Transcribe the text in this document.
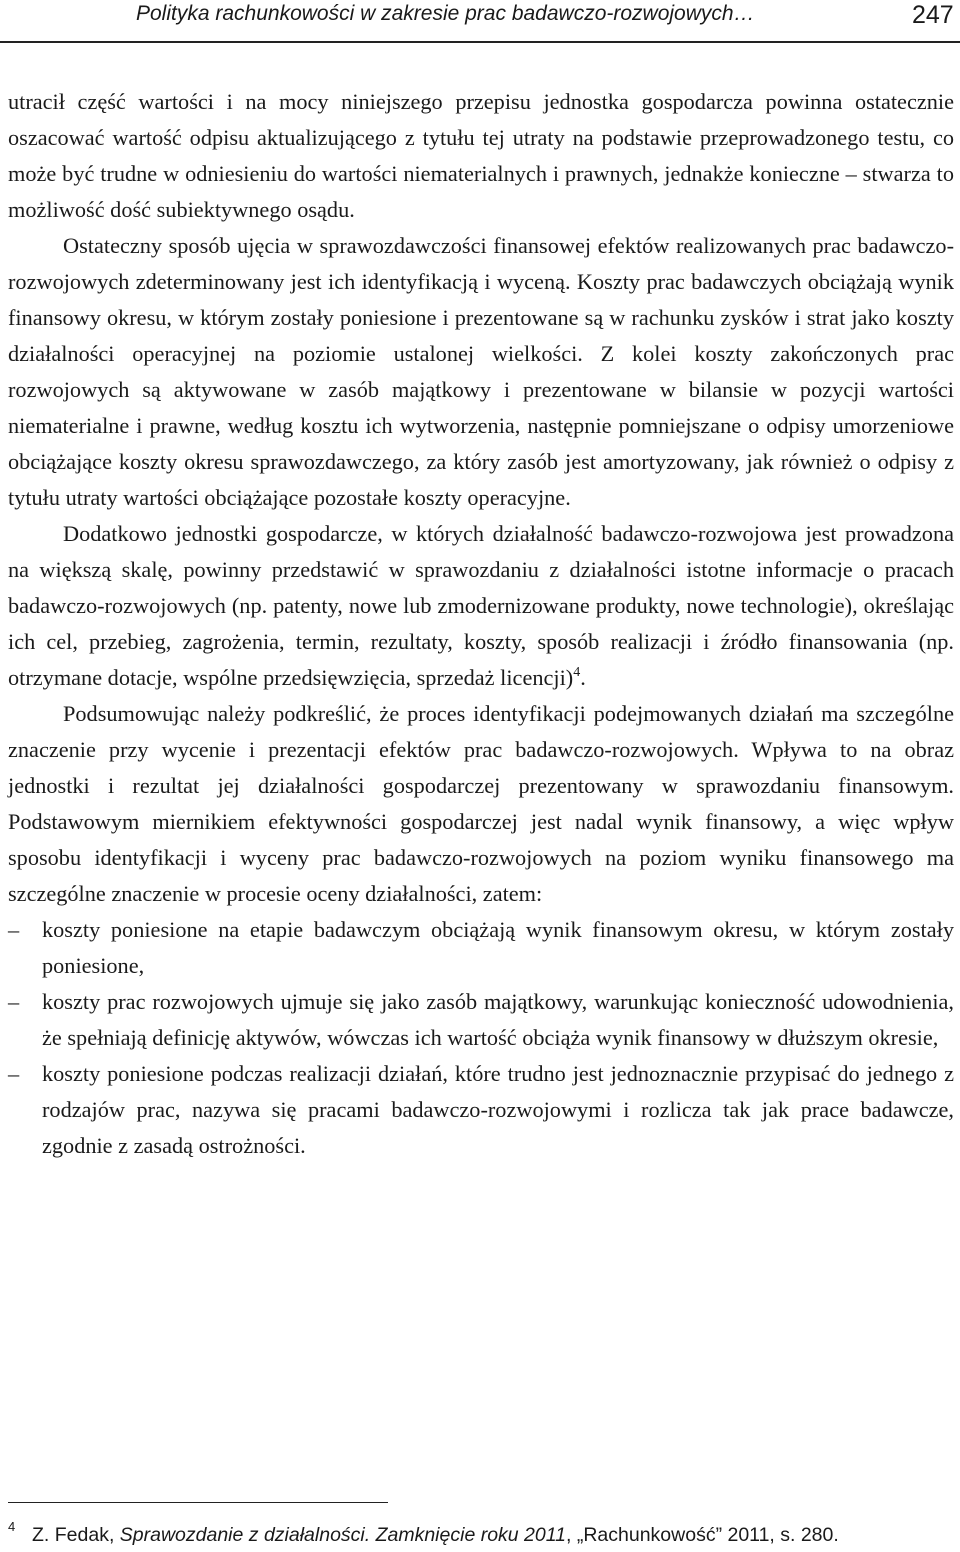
Polityka rachunkowości w zakresie prac badawczo-rozwojowych…	247

utracił część wartości i na mocy niniejszego przepisu jednostka gospodarcza powinna ostatecznie oszacować wartość odpisu aktualizującego z tytułu tej utraty na podstawie przeprowadzonego testu, co może być trudne w odniesieniu do wartości niematerialnych i prawnych, jednakże konieczne – stwarza to możliwość dość subiektywnego osądu.

Ostateczny sposób ujęcia w sprawozdawczości finansowej efektów realizowanych prac badawczo-rozwojowych zdeterminowany jest ich identyfikacją i wyceną. Koszty prac badawczych obciążają wynik finansowy okresu, w którym zostały poniesione i prezentowane są w rachunku zysków i strat jako koszty działalności operacyjnej na poziomie ustalonej wielkości. Z kolei koszty zakończonych prac rozwojowych są aktywowane w zasób majątkowy i prezentowane w bilansie w pozycji wartości niematerialne i prawne, według kosztu ich wytworzenia, następnie pomniejszane o odpisy umorzeniowe obciążające koszty okresu sprawozdawczego, za który zasób jest amortyzowany, jak również o odpisy z tytułu utraty wartości obciążające pozostałe koszty operacyjne.

Dodatkowo jednostki gospodarcze, w których działalność badawczo-rozwojowa jest prowadzona na większą skalę, powinny przedstawić w sprawozdaniu z działalności istotne informacje o pracach badawczo-rozwojowych (np. patenty, nowe lub zmodernizowane produkty, nowe technologie), określając ich cel, przebieg, zagrożenia, termin, rezultaty, koszty, sposób realizacji i źródło finansowania (np. otrzymane dotacje, wspólne przedsięwzięcia, sprzedaż licencji)$^4$.

Podsumowując należy podkreślić, że proces identyfikacji podejmowanych działań ma szczególne znaczenie przy wycenie i prezentacji efektów prac badawczo-rozwojowych. Wpływa to na obraz jednostki i rezultat jej działalności gospodarczej prezentowany w sprawozdaniu finansowym. Podstawowym miernikiem efektywności gospodarczej jest nadal wynik finansowy, a więc wpływ sposobu identyfikacji i wyceny prac badawczo-rozwojowych na poziom wyniku finansowego ma szczególne znaczenie w procesie oceny działalności, zatem:

– koszty poniesione na etapie badawczym obciążają wynik finansowym okresu, w którym zostały poniesione,
– koszty prac rozwojowych ujmuje się jako zasób majątkowy, warunkując konieczność udowodnienia, że spełniają definicję aktywów, wówczas ich wartość obciąża wynik finansowy w dłuższym okresie,
– koszty poniesione podczas realizacji działań, które trudno jest jednoznacznie przypisać do jednego z rodzajów prac, nazywa się pracami badawczo-rozwojowymi i rozlicza tak jak prace badawcze, zgodnie z zasadą ostrożności.
4 Z. Fedak, Sprawozdanie z działalności. Zamknięcie roku 2011, „Rachunkowość” 2011, s. 280.
